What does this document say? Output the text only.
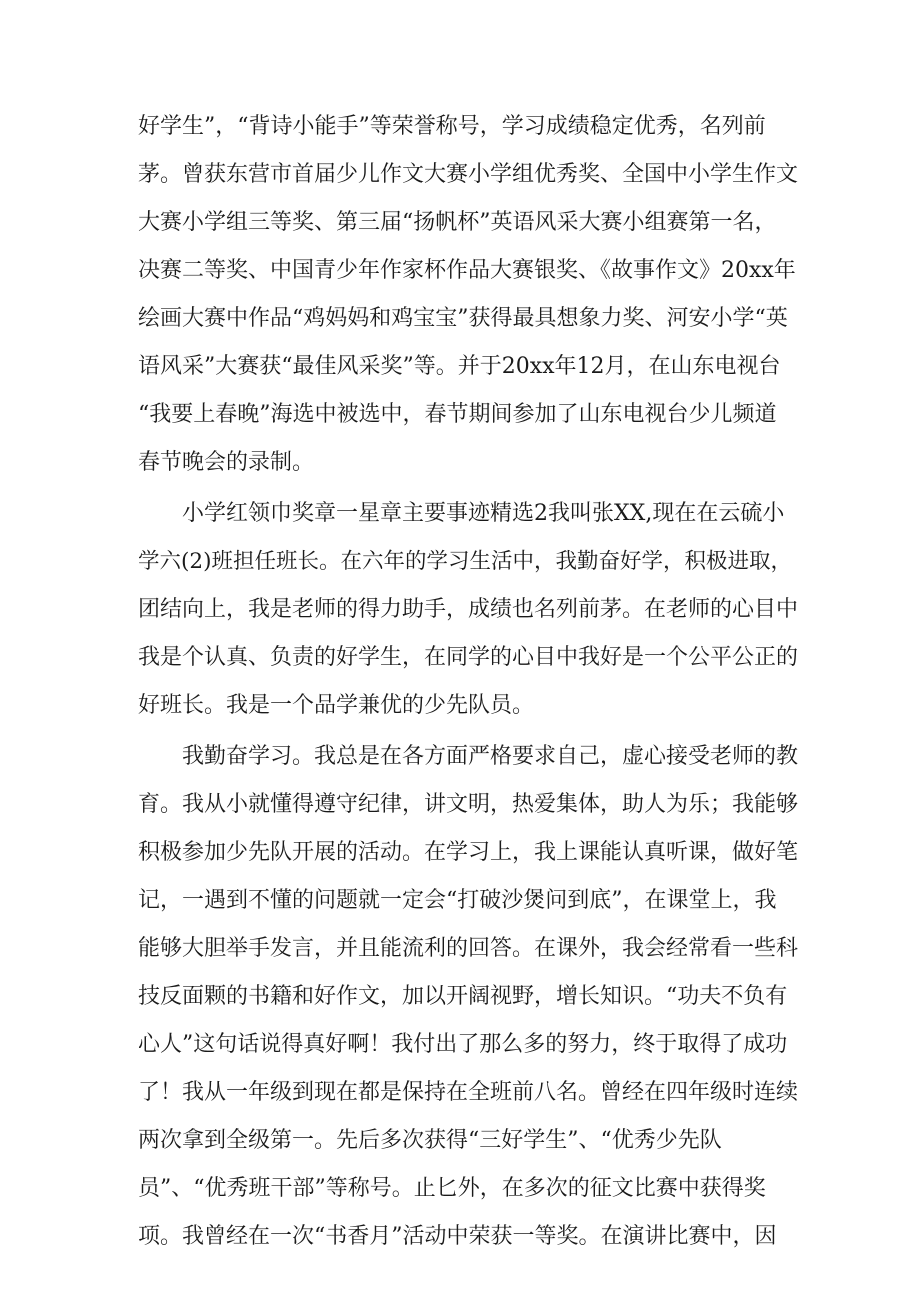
好学生”，“背诗小能手”等荣誉称号，学习成绩稳定优秀，名列前
茅。曾获东营市首届少儿作文大赛小学组优秀奖、全国中小学生作文
大赛小学组三等奖、第三届“扬帆杯”英语风采大赛小组赛第一名，
决赛二等奖、中国青少年作家杯作品大赛银奖、《故事作文》20xx年
绘画大赛中作品“鸡妈妈和鸡宝宝”获得最具想象力奖、河安小学“英
语风采”大赛获“最佳风采奖”等。并于20xx年12月，在山东电视台
“我要上春晚”海选中被选中，春节期间参加了山东电视台少儿频道
春节晚会的录制。

小学红领巾奖章一星章主要事迹精选2我叫张XX,现在在云硫小
学六(2)班担任班长。在六年的学习生活中，我勤奋好学，积极进取，
团结向上，我是老师的得力助手，成绩也名列前茅。在老师的心目中
我是个认真、负责的好学生，在同学的心目中我好是一个公平公正的
好班长。我是一个品学兼优的少先队员。

我勤奋学习。我总是在各方面严格要求自己，虚心接受老师的教
育。我从小就懂得遵守纪律，讲文明，热爱集体，助人为乐；我能够
积极参加少先队开展的活动。在学习上，我上课能认真听课，做好笔
记，一遇到不懂的问题就一定会“打破沙煲问到底”，在课堂上，我
能够大胆举手发言，并且能流利的回答。在课外，我会经常看一些科
技反面颗的书籍和好作文，加以开阔视野，增长知识。“功夫不负有
心人”这句话说得真好啊！我付出了那么多的努力，终于取得了成功
了！我从一年级到现在都是保持在全班前八名。曾经在四年级时连续
两次拿到全级第一。先后多次获得“三好学生”、“优秀少先队
员”、“优秀班干部”等称号。止匕外，在多次的征文比赛中获得奖
项。我曾经在一次“书香月”活动中荣获一等奖。在演讲比赛中，因
